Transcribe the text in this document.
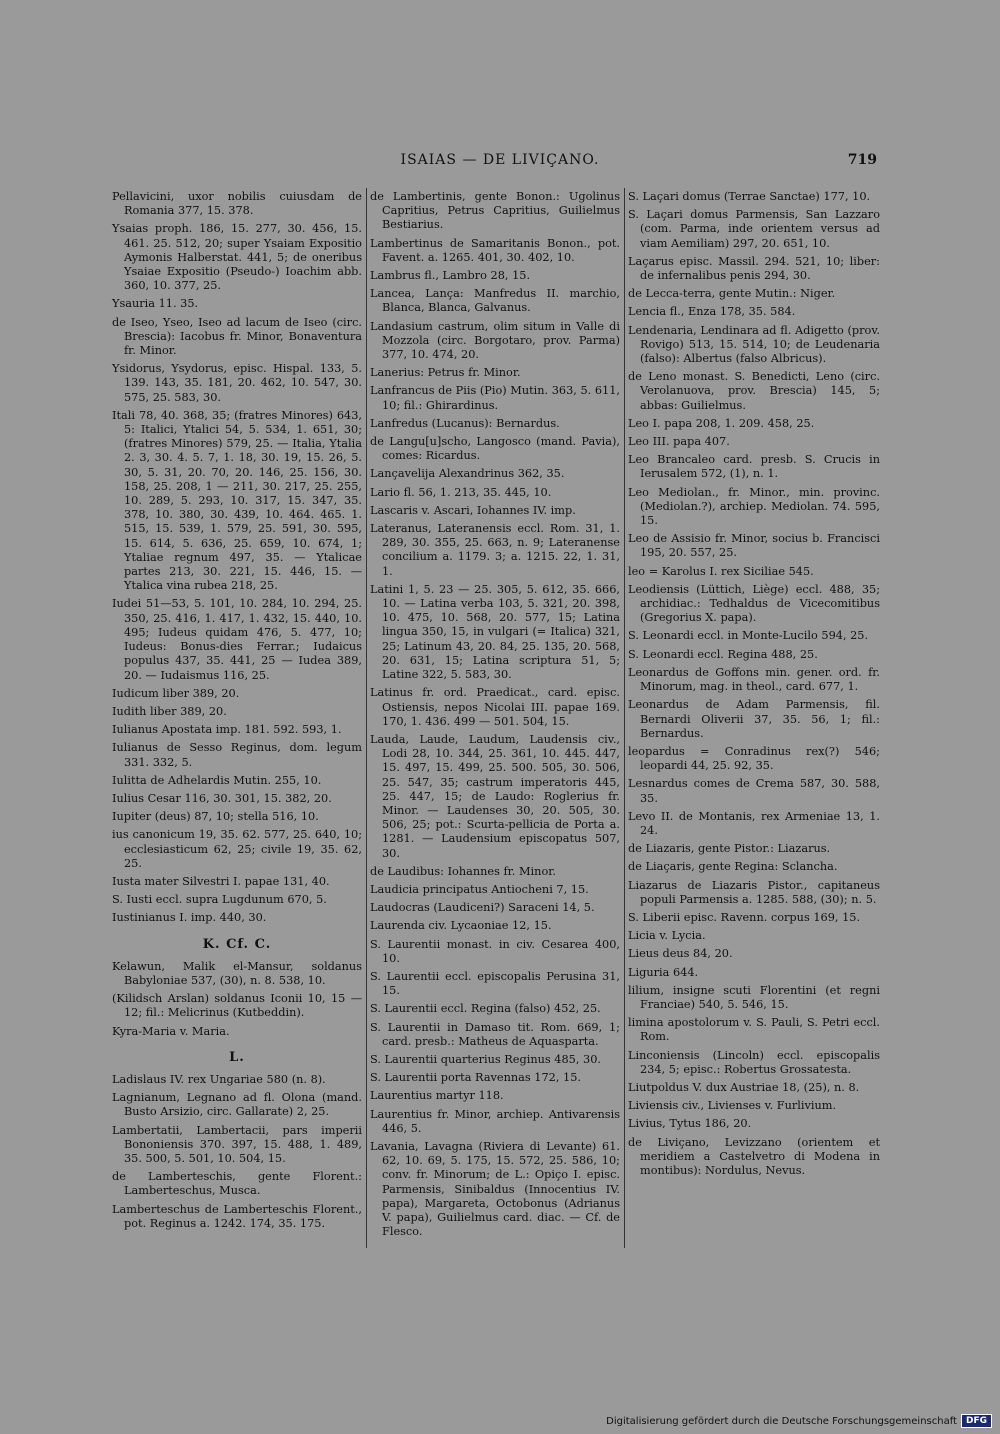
ISAIAS — DE LIVIÇANO.	719

Pellavicini, uxor nobilis cuiusdam de Romania 377, 15. 378.

Ysaias proph. 186, 15. 277, 30. 456, 15. 461. 25. 512, 20; super Ysaiam Expositio Aymonis Halberstat. 441, 5; de oneribus Ysaiae Expositio (Pseudo-) Ioachim abb. 360, 10. 377, 25.

Ysauria 11. 35.

de Iseo, Yseo, Iseo ad lacum de Iseo (circ. Brescia): Iacobus fr. Minor, Bonaventura fr. Minor.

Ysidorus, Ysydorus, episc. Hispal. 133, 5. 139. 143, 35. 181, 20. 462, 10. 547, 30. 575, 25. 583, 30.

Itali 78, 40. 368, 35; (fratres Minores) 643, 5: Italici, Ytalici 54, 5. 534, 1. 651, 30; (fratres Minores) 579, 25. — Italia, Ytalia 2. 3, 30. 4. 5. 7, 1. 18, 30. 19, 15. 26, 5. 30, 5. 31, 20. 70, 20. 146, 25. 156, 30. 158, 25. 208, 1 — 211, 30. 217, 25. 255, 10. 289, 5. 293, 10. 317, 15. 347, 35. 378, 10. 380, 30. 439, 10. 464. 465. 1. 515, 15. 539, 1. 579, 25. 591, 30. 595, 15. 614, 5. 636, 25. 659, 10. 674, 1; Ytaliae regnum 497, 35. — Ytalicae partes 213, 30. 221, 15. 446, 15. — Ytalica vina rubea 218, 25.

Iudei 51—53, 5. 101, 10. 284, 10. 294, 25. 350, 25. 416, 1. 417, 1. 432, 15. 440, 10. 495; Iudeus quidam 476, 5. 477, 10; Iudeus: Bonus-dies Ferrar.; Iudaicus populus 437, 35. 441, 25 — Iudea 389, 20. — Iudaismus 116, 25.

Iudicum liber 389, 20.

Iudith liber 389, 20.

Iulianus Apostata imp. 181. 592. 593, 1.

Iulianus de Sesso Reginus, dom. legum 331. 332, 5.

Iulitta de Adhelardis Mutin. 255, 10.

Iulius Cesar 116, 30. 301, 15. 382, 20.

Iupiter (deus) 87, 10; stella 516, 10.

ius canonicum 19, 35. 62. 577, 25. 640, 10; ecclesiasticum 62, 25; civile 19, 35. 62, 25.

Iusta mater Silvestri I. papae 131, 40.

S. Iusti eccl. supra Lugdunum 670, 5.

Iustinianus I. imp. 440, 30.

K. Cf. C.

Kelawun, Malik el-Mansur, soldanus Babyloniae 537, (30), n. 8. 538, 10.

(Kilidsch Arslan) soldanus Iconii 10, 15 — 12; fil.: Melicrinus (Kutbeddin).

Kyra-Maria v. Maria.

L.

Ladislaus IV. rex Ungariae 580 (n. 8).

Lagnianum, Legnano ad fl. Olona (mand. Busto Arsizio, circ. Gallarate) 2, 25.

Lambertatii, Lambertacii, pars imperii Bononiensis 370. 397, 15. 488, 1. 489, 35. 500, 5. 501, 10. 504, 15.

de Lamberteschis, gente Florent.: Lamberteschus, Musca.

Lamberteschus de Lamberteschis Florent., pot. Reginus a. 1242. 174, 35. 175.

de Lambertinis, gente Bonon.: Ugolinus Capritius, Petrus Capritius, Guilielmus Bestiarius.

Lambertinus de Samaritanis Bonon., pot. Favent. a. 1265. 401, 30. 402, 10.

Lambrus fl., Lambro 28, 15.

Lancea, Lança: Manfredus II. marchio, Blanca, Blanca, Galvanus.

Landasium castrum, olim situm in Valle di Mozzola (circ. Borgotaro, prov. Parma) 377, 10. 474, 20.

Lanerius: Petrus fr. Minor.

Lanfrancus de Piis (Pio) Mutin. 363, 5. 611, 10; fil.: Ghirardinus.

Lanfredus (Lucanus): Bernardus.

de Langu[u]scho, Langosco (mand. Pavia), comes: Ricardus.

Lançavelija Alexandrinus 362, 35.

Lario fl. 56, 1. 213, 35. 445, 10.

Lascaris v. Ascari, Iohannes IV. imp.

Lateranus, Lateranensis eccl. Rom. 31, 1. 289, 30. 355, 25. 663, n. 9; Lateranense concilium a. 1179. 3; a. 1215. 22, 1. 31, 1.

Latini 1, 5. 23 — 25. 305, 5. 612, 35. 666, 10. — Latina verba 103, 5. 321, 20. 398, 10. 475, 10. 568, 20. 577, 15; Latina lingua 350, 15, in vulgari (= Italica) 321, 25; Latinum 43, 20. 84, 25. 135, 20. 568, 20. 631, 15; Latina scriptura 51, 5; Latine 322, 5. 583, 30.

Latinus fr. ord. Praedicat., card. episc. Ostiensis, nepos Nicolai III. papae 169. 170, 1. 436. 499 — 501. 504, 15.

Lauda, Laude, Laudum, Laudensis civ., Lodi 28, 10. 344, 25. 361, 10. 445. 447, 15. 497, 15. 499, 25. 500. 505, 30. 506, 25. 547, 35; castrum imperatoris 445, 25. 447, 15; de Laudo: Roglerius fr. Minor. — Laudenses 30, 20. 505, 30. 506, 25; pot.: Scurta-pellicia de Porta a. 1281. — Laudensium episcopatus 507, 30.

de Laudibus: Iohannes fr. Minor.

Laudicia principatus Antiocheni 7, 15.

Laudocras (Laudiceni?) Saraceni 14, 5.

Laurenda civ. Lycaoniae 12, 15.

S. Laurentii monast. in civ. Cesarea 400, 10.

S. Laurentii eccl. episcopalis Perusina 31, 15.

S. Laurentii eccl. Regina (falso) 452, 25.

S. Laurentii in Damaso tit. Rom. 669, 1; card. presb.: Matheus de Aquasparta.

S. Laurentii quarterius Reginus 485, 30.

S. Laurentii porta Ravennas 172, 15.

Laurentius martyr 118.

Laurentius fr. Minor, archiep. Antivarensis 446, 5.

Lavania, Lavagna (Riviera di Levante) 61. 62, 10. 69, 5. 175, 15. 572, 25. 586, 10; conv. fr. Minorum; de L.: Opiço I. episc. Parmensis, Sinibaldus (Innocentius IV. papa), Margareta, Octobonus (Adrianus V. papa), Guilielmus card. diac. — Cf. de Flesco.

S. Laçari domus (Terrae Sanctae) 177, 10.

S. Laçari domus Parmensis, San Lazzaro (com. Parma, inde orientem versus ad viam Aemiliam) 297, 20. 651, 10.

Laçarus episc. Massil. 294. 521, 10; liber: de infernalibus penis 294, 30.

de Lecca-terra, gente Mutin.: Niger.

Lencia fl., Enza 178, 35. 584.

Lendenaria, Lendinara ad fl. Adigetto (prov. Rovigo) 513, 15. 514, 10; de Leudenaria (falso): Albertus (falso Albricus).

de Leno monast. S. Benedicti, Leno (circ. Verolanuova, prov. Brescia) 145, 5; abbas: Guilielmus.

Leo I. papa 208, 1. 209. 458, 25.

Leo III. papa 407.

Leo Brancaleo card. presb. S. Crucis in Ierusalem 572, (1), n. 1.

Leo Mediolan., fr. Minor., min. provinc. (Mediolan.?), archiep. Mediolan. 74. 595, 15.

Leo de Assisio fr. Minor, socius b. Francisci 195, 20. 557, 25.

leo = Karolus I. rex Siciliae 545.

Leodiensis (Lüttich, Liège) eccl. 488, 35; archidiac.: Tedhaldus de Vicecomitibus (Gregorius X. papa).

S. Leonardi eccl. in Monte-Lucilo 594, 25.

S. Leonardi eccl. Regina 488, 25.

Leonardus de Goffons min. gener. ord. fr. Minorum, mag. in theol., card. 677, 1.

Leonardus de Adam Parmensis, fil. Bernardi Oliverii 37, 35. 56, 1; fil.: Bernardus.

leopardus = Conradinus rex(?) 546; leopardi 44, 25. 92, 35.

Lesnardus comes de Crema 587, 30. 588, 35.

Levo II. de Montanis, rex Armeniae 13, 1. 24.

de Liazaris, gente Pistor.: Liazarus.

de Liaçaris, gente Regina: Sclancha.

Liazarus de Liazaris Pistor., capitaneus populi Parmensis a. 1285. 588, (30); n. 5.

S. Liberii episc. Ravenn. corpus 169, 15.

Licia v. Lycia.

Lieus deus 84, 20.

Liguria 644.

lilium, insigne scuti Florentini (et regni Franciae) 540, 5. 546, 15.

limina apostolorum v. S. Pauli, S. Petri eccl. Rom.

Linconiensis (Lincoln) eccl. episcopalis 234, 5; episc.: Robertus Grossatesta.

Liutpoldus V. dux Austriae 18, (25), n. 8.

Liviensis civ., Livienses v. Furlivium.

Livius, Tytus 186, 20.

de Liviçano, Levizzano (orientem et meridiem a Castelvetro di Modena in montibus): Nordulus, Nevus.

Digitalisierung gefördert durch die Deutsche Forschungsgemeinschaft	DFG
